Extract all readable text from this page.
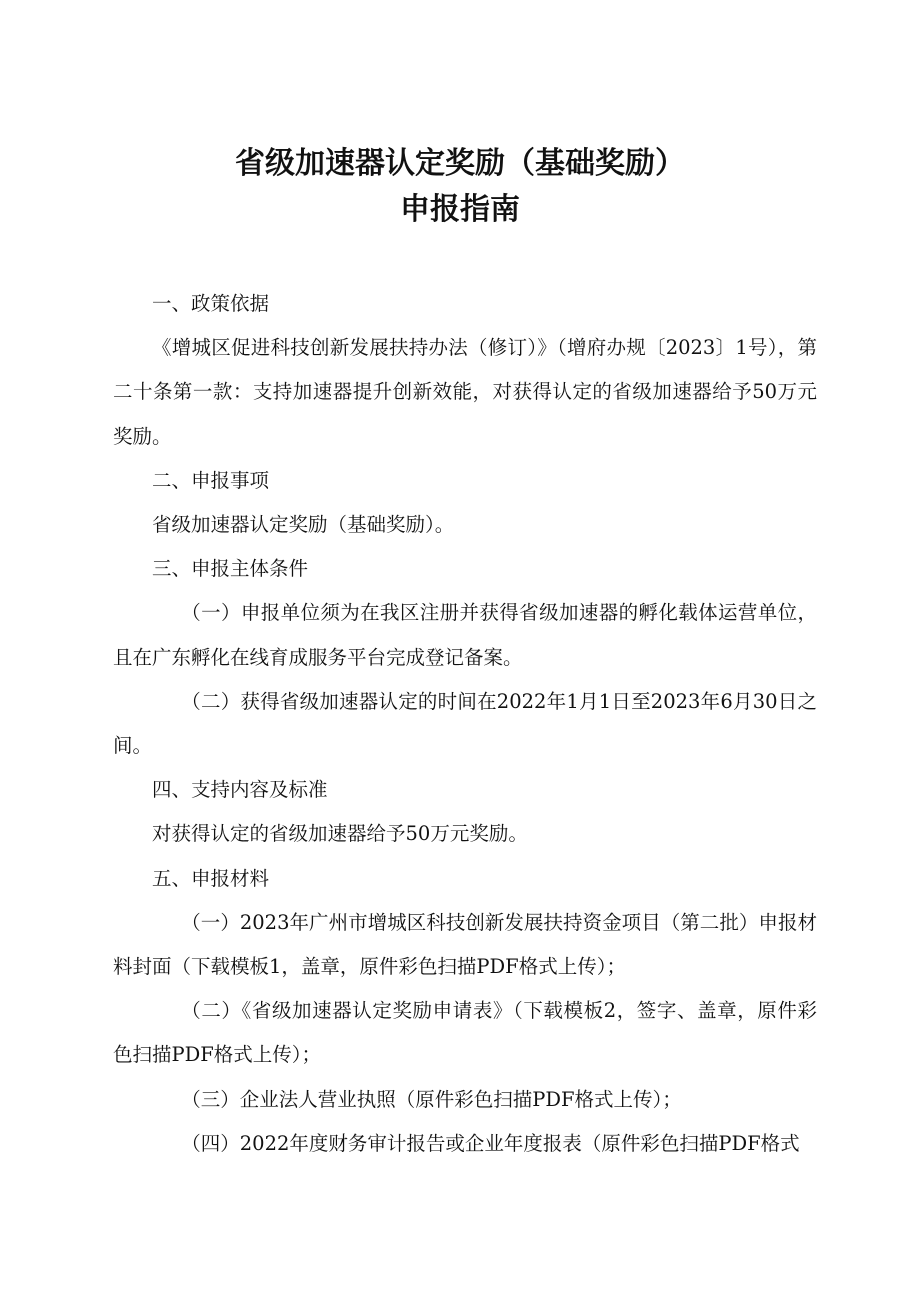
省级加速器认定奖励（基础奖励）
申报指南

一、政策依据

《增城区促进科技创新发展扶持办法（修订）》（增府办规〔2023〕1号），第二十条第一款：支持加速器提升创新效能，对获得认定的省级加速器给予50万元奖励。

二、申报事项

省级加速器认定奖励（基础奖励）。

三、申报主体条件

（一）申报单位须为在我区注册并获得省级加速器的孵化载体运营单位，且在广东孵化在线育成服务平台完成登记备案。

（二）获得省级加速器认定的时间在2022年1月1日至2023年6月30日之间。

四、支持内容及标准

对获得认定的省级加速器给予50万元奖励。

五、申报材料

（一）2023年广州市增城区科技创新发展扶持资金项目（第二批）申报材料封面（下载模板1，盖章，原件彩色扫描PDF格式上传）；

（二）《省级加速器认定奖励申请表》（下载模板2，签字、盖章，原件彩色扫描PDF格式上传）；

（三）企业法人营业执照（原件彩色扫描PDF格式上传）；

（四）2022年度财务审计报告或企业年度报表（原件彩色扫描PDF格式
